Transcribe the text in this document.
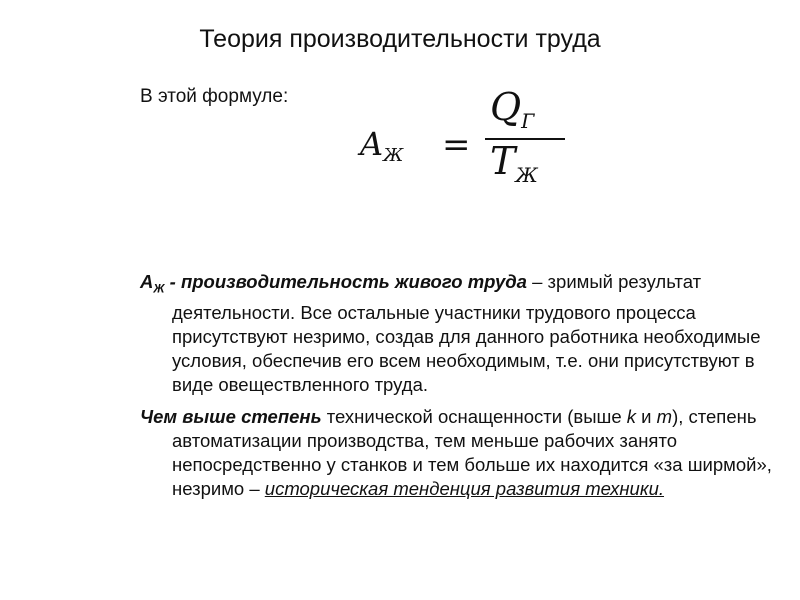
Теория производительности труда
В этой формуле:
$A_Ж$ =
$Q_Г$
$T_Ж$

$А_Ж$ - производительность живого труда – зримый результат деятельности. Все остальные участники трудового процесса присутствуют незримо, создав для данного работника необходимые условия, обеспечив его всем необходимым, т.е. они присутствуют в виде овеществленного труда.

Чем выше степень технической оснащенности (выше k и m), степень автоматизации производства, тем меньше рабочих занято непосредственно у станков и тем больше их находится «за ширмой», незримо – историческая тенденция развития техники.
